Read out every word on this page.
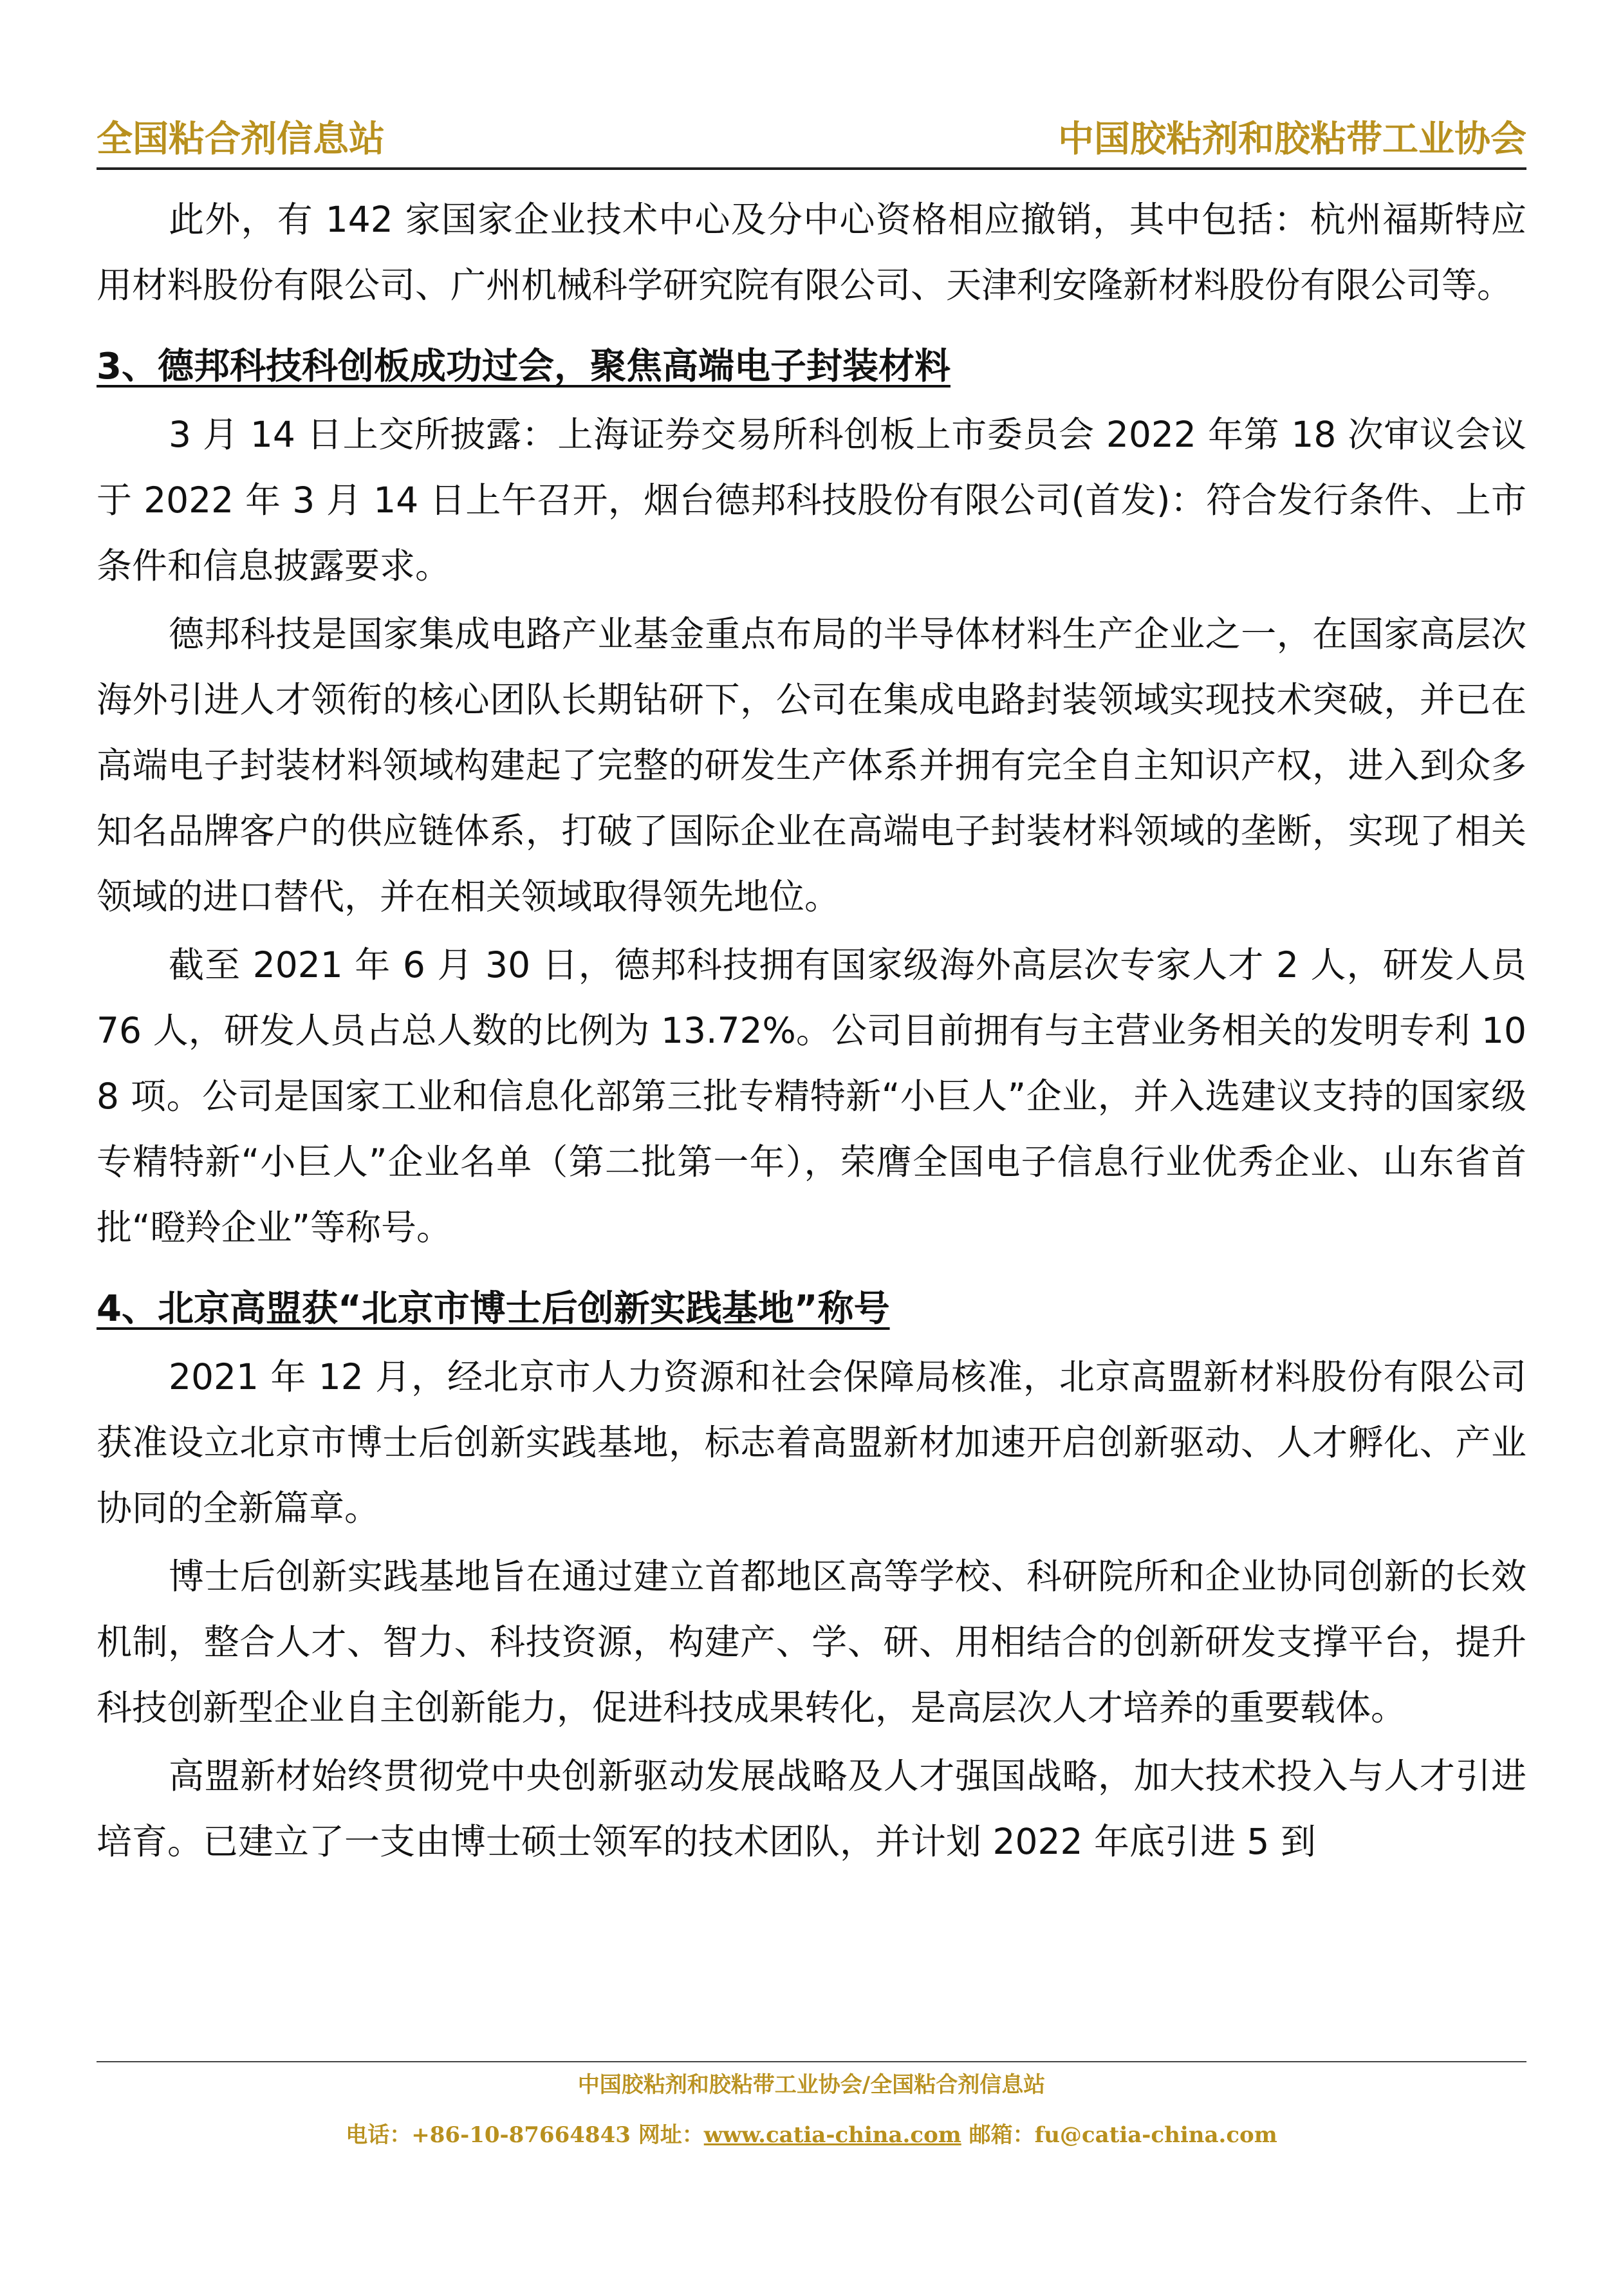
全国粘合剂信息站	中国胶粘剂和胶粘带工业协会

此外，有 142 家国家企业技术中心及分中心资格相应撤销，其中包括：杭州福斯特应用材料股份有限公司、广州机械科学研究院有限公司、天津利安隆新材料股份有限公司等。

3、德邦科技科创板成功过会，聚焦高端电子封装材料

3 月 14 日上交所披露：上海证券交易所科创板上市委员会 2022 年第 18 次审议会议于 2022 年 3 月 14 日上午召开，烟台德邦科技股份有限公司(首发)：符合发行条件、上市条件和信息披露要求。

德邦科技是国家集成电路产业基金重点布局的半导体材料生产企业之一，在国家高层次海外引进人才领衔的核心团队长期钻研下，公司在集成电路封装领域实现技术突破，并已在高端电子封装材料领域构建起了完整的研发生产体系并拥有完全自主知识产权，进入到众多知名品牌客户的供应链体系，打破了国际企业在高端电子封装材料领域的垄断，实现了相关领域的进口替代，并在相关领域取得领先地位。

截至 2021 年 6 月 30 日，德邦科技拥有国家级海外高层次专家人才 2 人，研发人员 76 人，研发人员占总人数的比例为 13.72%。公司目前拥有与主营业务相关的发明专利 108 项。公司是国家工业和信息化部第三批专精特新“小巨人”企业，并入选建议支持的国家级专精特新“小巨人”企业名单（第二批第一年），荣膺全国电子信息行业优秀企业、山东省首批“瞪羚企业”等称号。

4、北京高盟获“北京市博士后创新实践基地”称号

2021 年 12 月，经北京市人力资源和社会保障局核准，北京高盟新材料股份有限公司获准设立北京市博士后创新实践基地，标志着高盟新材加速开启创新驱动、人才孵化、产业协同的全新篇章。

博士后创新实践基地旨在通过建立首都地区高等学校、科研院所和企业协同创新的长效机制，整合人才、智力、科技资源，构建产、学、研、用相结合的创新研发支撑平台，提升科技创新型企业自主创新能力，促进科技成果转化，是高层次人才培养的重要载体。

高盟新材始终贯彻党中央创新驱动发展战略及人才强国战略，加大技术投入与人才引进培育。已建立了一支由博士硕士领军的技术团队，并计划 2022 年底引进 5 到

中国胶粘剂和胶粘带工业协会/全国粘合剂信息站
电话：+86-10-87664843 网址：www.catia-china.com 邮箱：fu@catia-china.com
